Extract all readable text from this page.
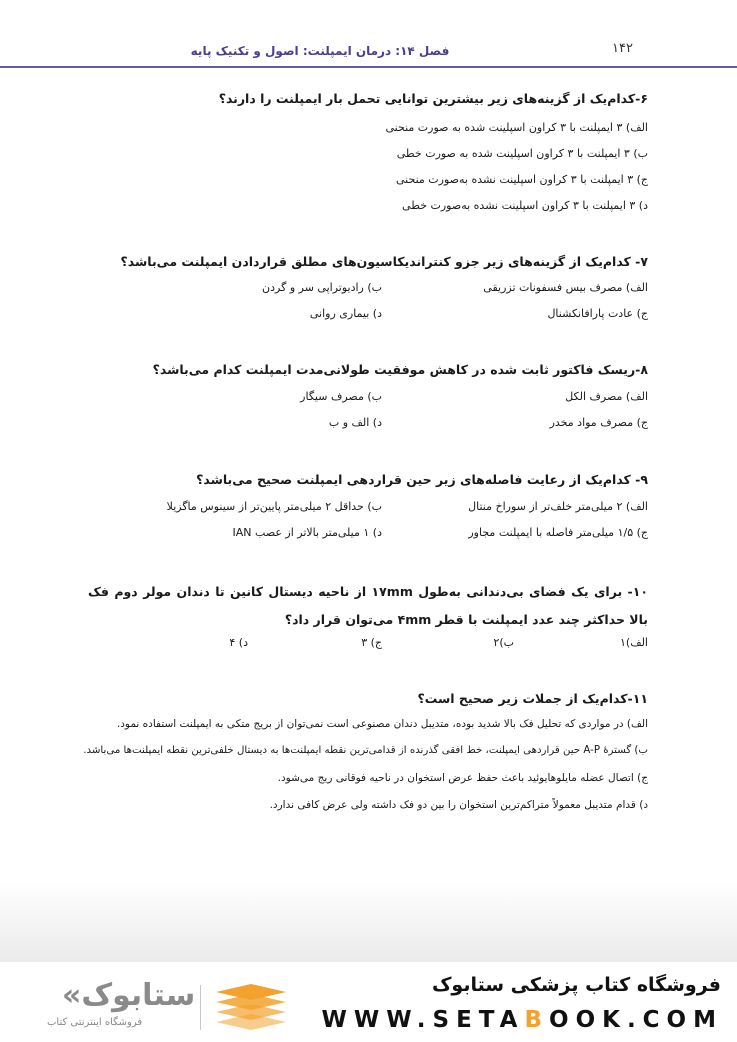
۱۴۲
فصل ۱۴: درمان ایمپلنت: اصول و تکنیک پایه
۶-کدام‌یک از گزینه‌های زیر بیشترین توانایی تحمل بار ایمپلنت را دارند؟
الف) ۳ ایمپلنت با ۳ کراون اسپلینت شده به صورت منحنی
ب) ۳ ایمپلنت با ۳ کراون اسپلینت شده به صورت خطی
ج) ۳ ایمپلنت با ۳ کراون اسپلینت نشده به‌صورت منحنی
د) ۳ ایمپلنت با ۳ کراون اسپلینت نشده به‌صورت خطی
۷- کدام‌یک از گزینه‌های زیر جزو کنتراندیکاسیون‌های مطلق قراردادن ایمپلنت می‌باشد؟
الف) مصرف بیس فسفونات تزریقی
ب) رادیوتراپی سر و گردن
ج) عادت پارافانکشنال
د) بیماری روانی
۸-ریسک فاکتور ثابت شده در کاهش موفقیت طولانی‌مدت ایمپلنت کدام می‌باشد؟
الف) مصرف الکل
ب) مصرف سیگار
ج) مصرف مواد مخدر
د) الف و ب
۹- کدام‌یک از رعایت فاصله‌های زیر حین قراردهی ایمپلنت صحیح می‌باشد؟
الف) ۲ میلی‌متر خلف‌تر از سوراخ منتال
ب) حداقل ۲ میلی‌متر پایین‌تر از سینوس ماگزیلا
ج) ۱/۵ میلی‌متر فاصله با ایمپلنت مجاور
د) ۱ میلی‌متر بالاتر از عصب IAN
۱۰- برای یک فضای بی‌دندانی به‌طول ۱۷mm از ناحیه دیستال کانین تا دندان مولر دوم فک بالا حداکثر چند عدد ایمپلنت با قطر ۴mm می‌توان قرار داد؟
الف)۱
ب)۲
ج) ۳
د) ۴
۱۱-کدام‌یک از جملات زیر صحیح است؟
الف) در مواردی که تحلیل فک بالا شدید بوده، متدیبل دندان مصنوعی است نمی‌توان از بریج متکی به ایمپلنت استفاده نمود.
ب) گسترهٔ A-P حین قراردهی ایمپلنت، خط افقی گذرنده از قدامی‌ترین نقطه ایمپلنت‌ها به دیستال خلفی‌ترین نقطه ایمپلنت‌ها می‌باشد.
ج) اتصال عضله مایلوهایوئید باعث حفظ عرض استخوان در ناحیه فوقانی ریج می‌شود.
د) قدام متدیبل معمولاً متراکم‌ترین استخوان را بین دو فک داشته ولی عرض کافی ندارد.
«ستابوک
فروشگاه اینترنتی کتاب
فروشگاه کتاب پزشکی ستابوک
WWW.SETABOOK.COM
